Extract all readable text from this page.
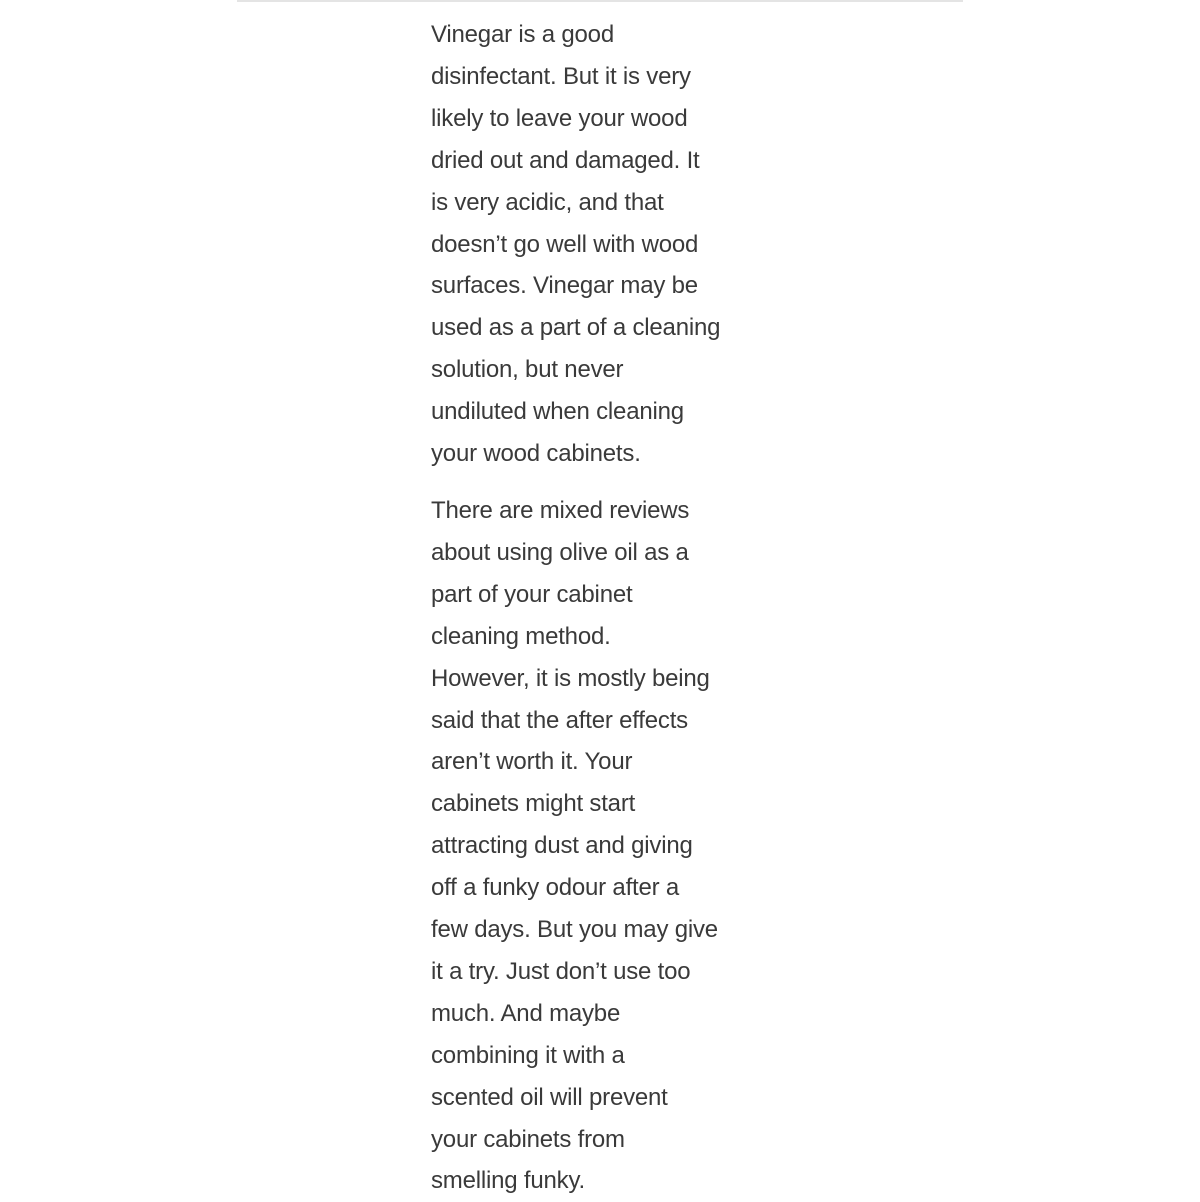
Vinegar is a good
disinfectant. But it is very
likely to leave your wood
dried out and damaged. It
is very acidic, and that
doesn’t go well with wood
surfaces. Vinegar may be
used as a part of a cleaning
solution, but never
undiluted when cleaning
your wood cabinets.

There are mixed reviews
about using olive oil as a
part of your cabinet
cleaning method.
However, it is mostly being
said that the after effects
aren’t worth it. Your
cabinets might start
attracting dust and giving
off a funky odour after a
few days. But you may give
it a try. Just don’t use too
much. And maybe
combining it with a
scented oil will prevent
your cabinets from
smelling funky.
